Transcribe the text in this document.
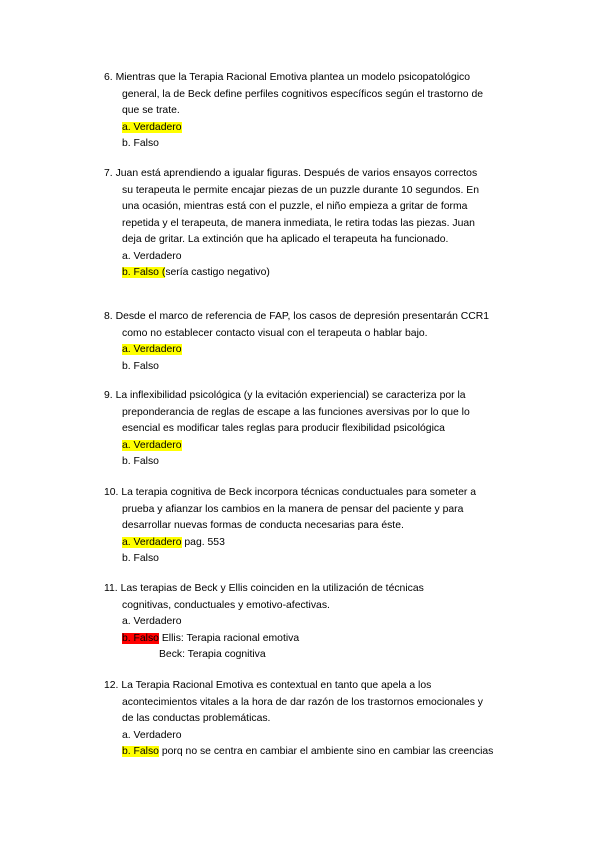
6. Mientras que la Terapia Racional Emotiva plantea un modelo psicopatológico
general, la de Beck define perfiles cognitivos específicos según el trastorno de
que se trate.

a. Verdadero

b. Falso

7. Juan está aprendiendo a igualar figuras. Después de varios ensayos correctos
su terapeuta le permite encajar piezas de un puzzle durante 10 segundos. En
una ocasión, mientras está con el puzzle, el niño empieza a gritar de forma
repetida y el terapeuta, de manera inmediata, le retira todas las piezas. Juan
deja de gritar. La extinción que ha aplicado el terapeuta ha funcionado.

a. Verdadero

b. Falso (sería castigo negativo)

8. Desde el marco de referencia de FAP, los casos de depresión presentarán CCR1
como no establecer contacto visual con el terapeuta o hablar bajo.

a. Verdadero

b. Falso

9. La inflexibilidad psicológica (y la evitación experiencial) se caracteriza por la
preponderancia de reglas de escape a las funciones aversivas por lo que lo
esencial es modificar tales reglas para producir flexibilidad psicológica

a. Verdadero

b. Falso

10. La terapia cognitiva de Beck incorpora técnicas conductuales para someter a
prueba y afianzar los cambios en la manera de pensar del paciente y para
desarrollar nuevas formas de conducta necesarias para éste.

a. Verdadero pag. 553

b. Falso

11. Las terapias de Beck y Ellis coinciden en la utilización de técnicas
cognitivas, conductuales y emotivo-afectivas.

a. Verdadero

b. Falso Ellis: Terapia racional emotiva

Beck: Terapia cognitiva

12. La Terapia Racional Emotiva es contextual en tanto que apela a los
acontecimientos vitales a la hora de dar razón de los trastornos emocionales y
de las conductas problemáticas.

a. Verdadero

b. Falso porq no se centra en cambiar el ambiente sino en cambiar las creencias
